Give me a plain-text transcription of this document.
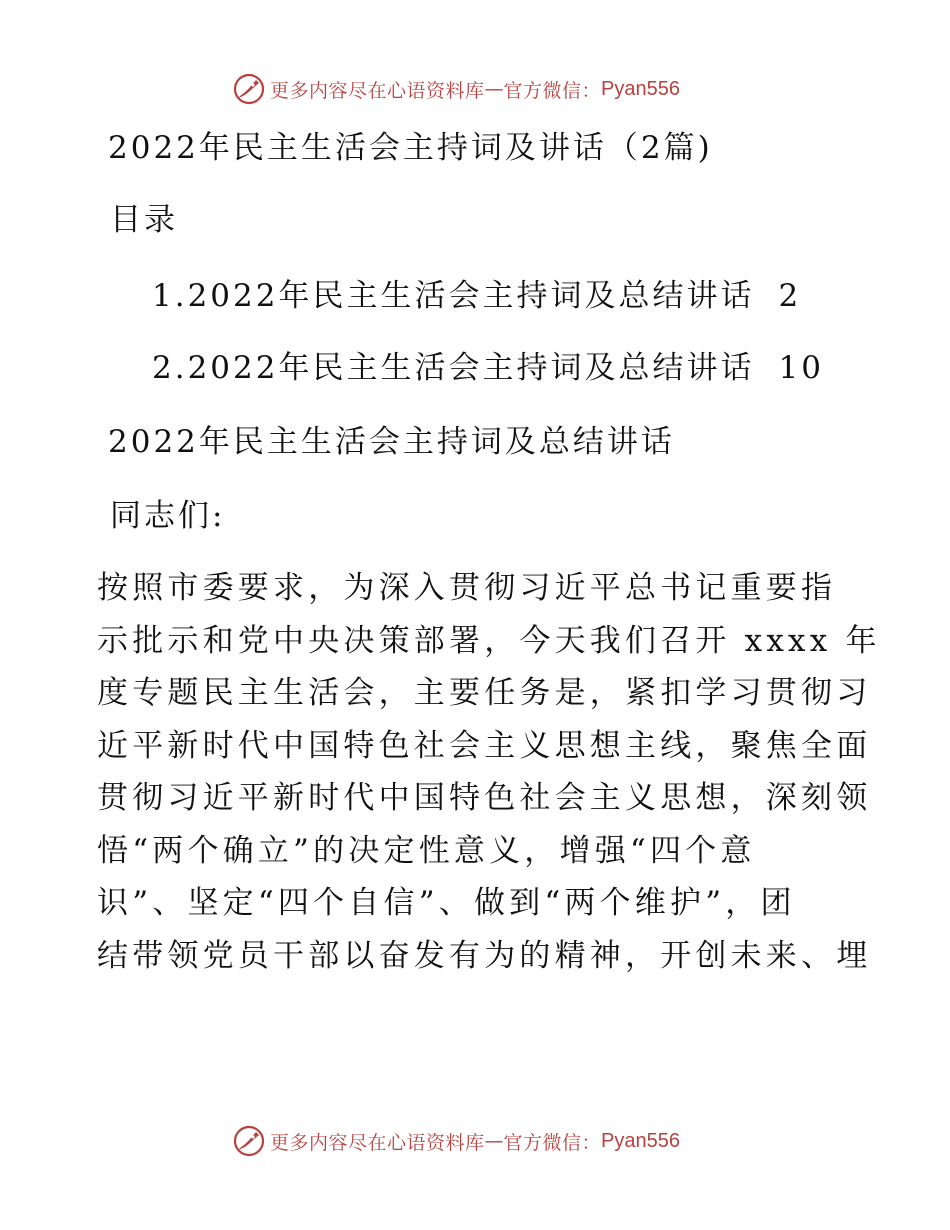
更多内容尽在心语资料库 — 官方微信： Pyan556
2022年民主生活会主持词及讲话（2篇)
目录
1.2022年民主生活会主持词及总结讲话 2
2.2022年民主生活会主持词及总结讲话 10
2022年民主生活会主持词及总结讲话
同志们:
按照市委要求，为深入贯彻习近平总书记重要指
示批示和党中央决策部署，今天我们召开 xxxx 年
度专题民主生活会，主要任务是，紧扣学习贯彻习
近平新时代中国特色社会主义思想主线，聚焦全面
贯彻习近平新时代中国特色社会主义思想，深刻领
悟“两个确立”的决定性意义，增强“四个意
识”、坚定“四个自信”、做到“两个维护”，团
结带领党员干部以奋发有为的精神，开创未来、埋
更多内容尽在心语资料库 — 官方微信： Pyan556
